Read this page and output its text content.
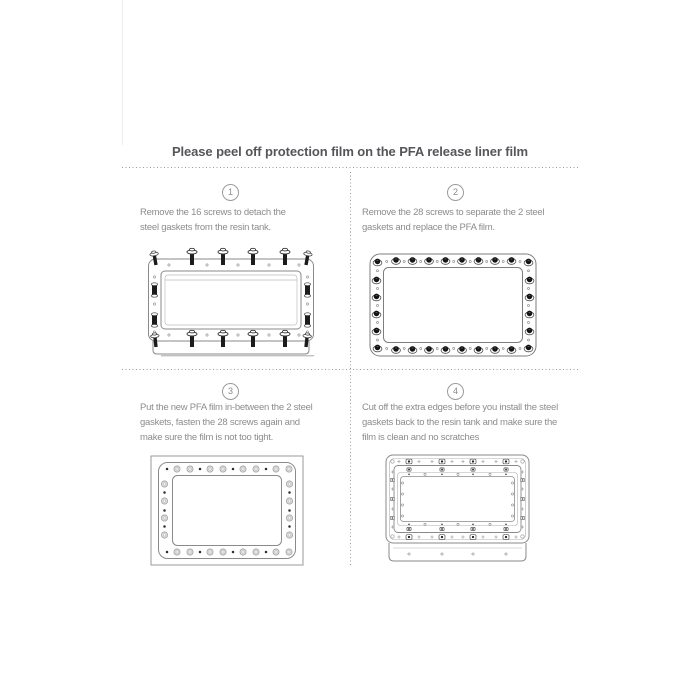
Please peel off protection film on the PFA release liner film
1	2
3	4
Remove the 16 screws to detach the
steel gaskets from the resin tank.
Remove the 28 screws to separate the 2 steel
gaskets and replace the PFA film.
Put the new PFA film in-between the 2 steel
gaskets, fasten the 28 screws again and
make sure the film is not too tight.
Cut off the extra edges before you install the steel
gaskets back to the resin tank and make sure the
film is clean and no scratches
